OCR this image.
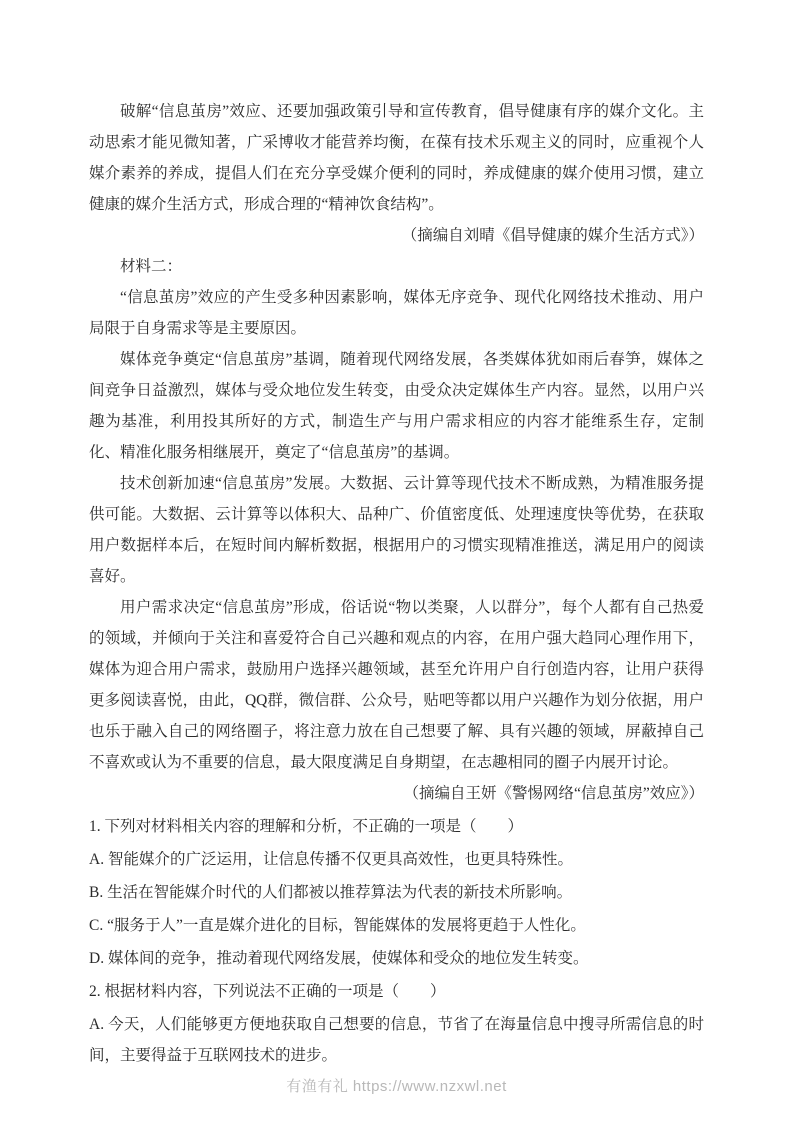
破解“信息茧房”效应、还要加强政策引导和宣传教育，倡导健康有序的媒介文化。主动思索才能见微知著，广采博收才能营养均衡，在葆有技术乐观主义的同时，应重视个人媒介素养的养成，提倡人们在充分享受媒介便利的同时，养成健康的媒介使用习惯，建立健康的媒介生活方式，形成合理的“精神饮食结构”。

（摘编自刘晴《倡导健康的媒介生活方式》）

材料二：

“信息茧房”效应的产生受多种因素影响，媒体无序竞争、现代化网络技术推动、用户局限于自身需求等是主要原因。

媒体竞争奠定“信息茧房”基调，随着现代网络发展，各类媒体犹如雨后春笋，媒体之间竞争日益激烈，媒体与受众地位发生转变，由受众决定媒体生产内容。显然，以用户兴趣为基准，利用投其所好的方式，制造生产与用户需求相应的内容才能维系生存，定制化、精准化服务相继展开，奠定了“信息茧房”的基调。

技术创新加速“信息茧房”发展。大数据、云计算等现代技术不断成熟，为精准服务提供可能。大数据、云计算等以体积大、品种广、价值密度低、处理速度快等优势，在获取用户数据样本后，在短时间内解析数据，根据用户的习惯实现精准推送，满足用户的阅读喜好。

用户需求决定“信息茧房”形成，俗话说“物以类聚，人以群分”，每个人都有自己热爱的领域，并倾向于关注和喜爱符合自己兴趣和观点的内容，在用户强大趋同心理作用下，媒体为迎合用户需求，鼓励用户选择兴趣领域，甚至允许用户自行创造内容，让用户获得更多阅读喜悦，由此，QQ群，微信群、公众号，贴吧等都以用户兴趣作为划分依据，用户也乐于融入自己的网络圈子，将注意力放在自己想要了解、具有兴趣的领域，屏蔽掉自己不喜欢或认为不重要的信息，最大限度满足自身期望，在志趣相同的圈子内展开讨论。

（摘编自王妍《警惕网络“信息茧房”效应》）

1. 下列对材料相关内容的理解和分析，不正确的一项是（　　）

A. 智能媒介的广泛运用，让信息传播不仅更具高效性，也更具特殊性。

B. 生活在智能媒介时代的人们都被以推荐算法为代表的新技术所影响。

C. “服务于人”一直是媒介进化的目标，智能媒体的发展将更趋于人性化。

D. 媒体间的竞争，推动着现代网络发展，使媒体和受众的地位发生转变。

2. 根据材料内容，下列说法不正确的一项是（　　）

A. 今天，人们能够更方便地获取自己想要的信息，节省了在海量信息中搜寻所需信息的时间，主要得益于互联网技术的进步。

有渔有礼 https://www.nzxwl.net
